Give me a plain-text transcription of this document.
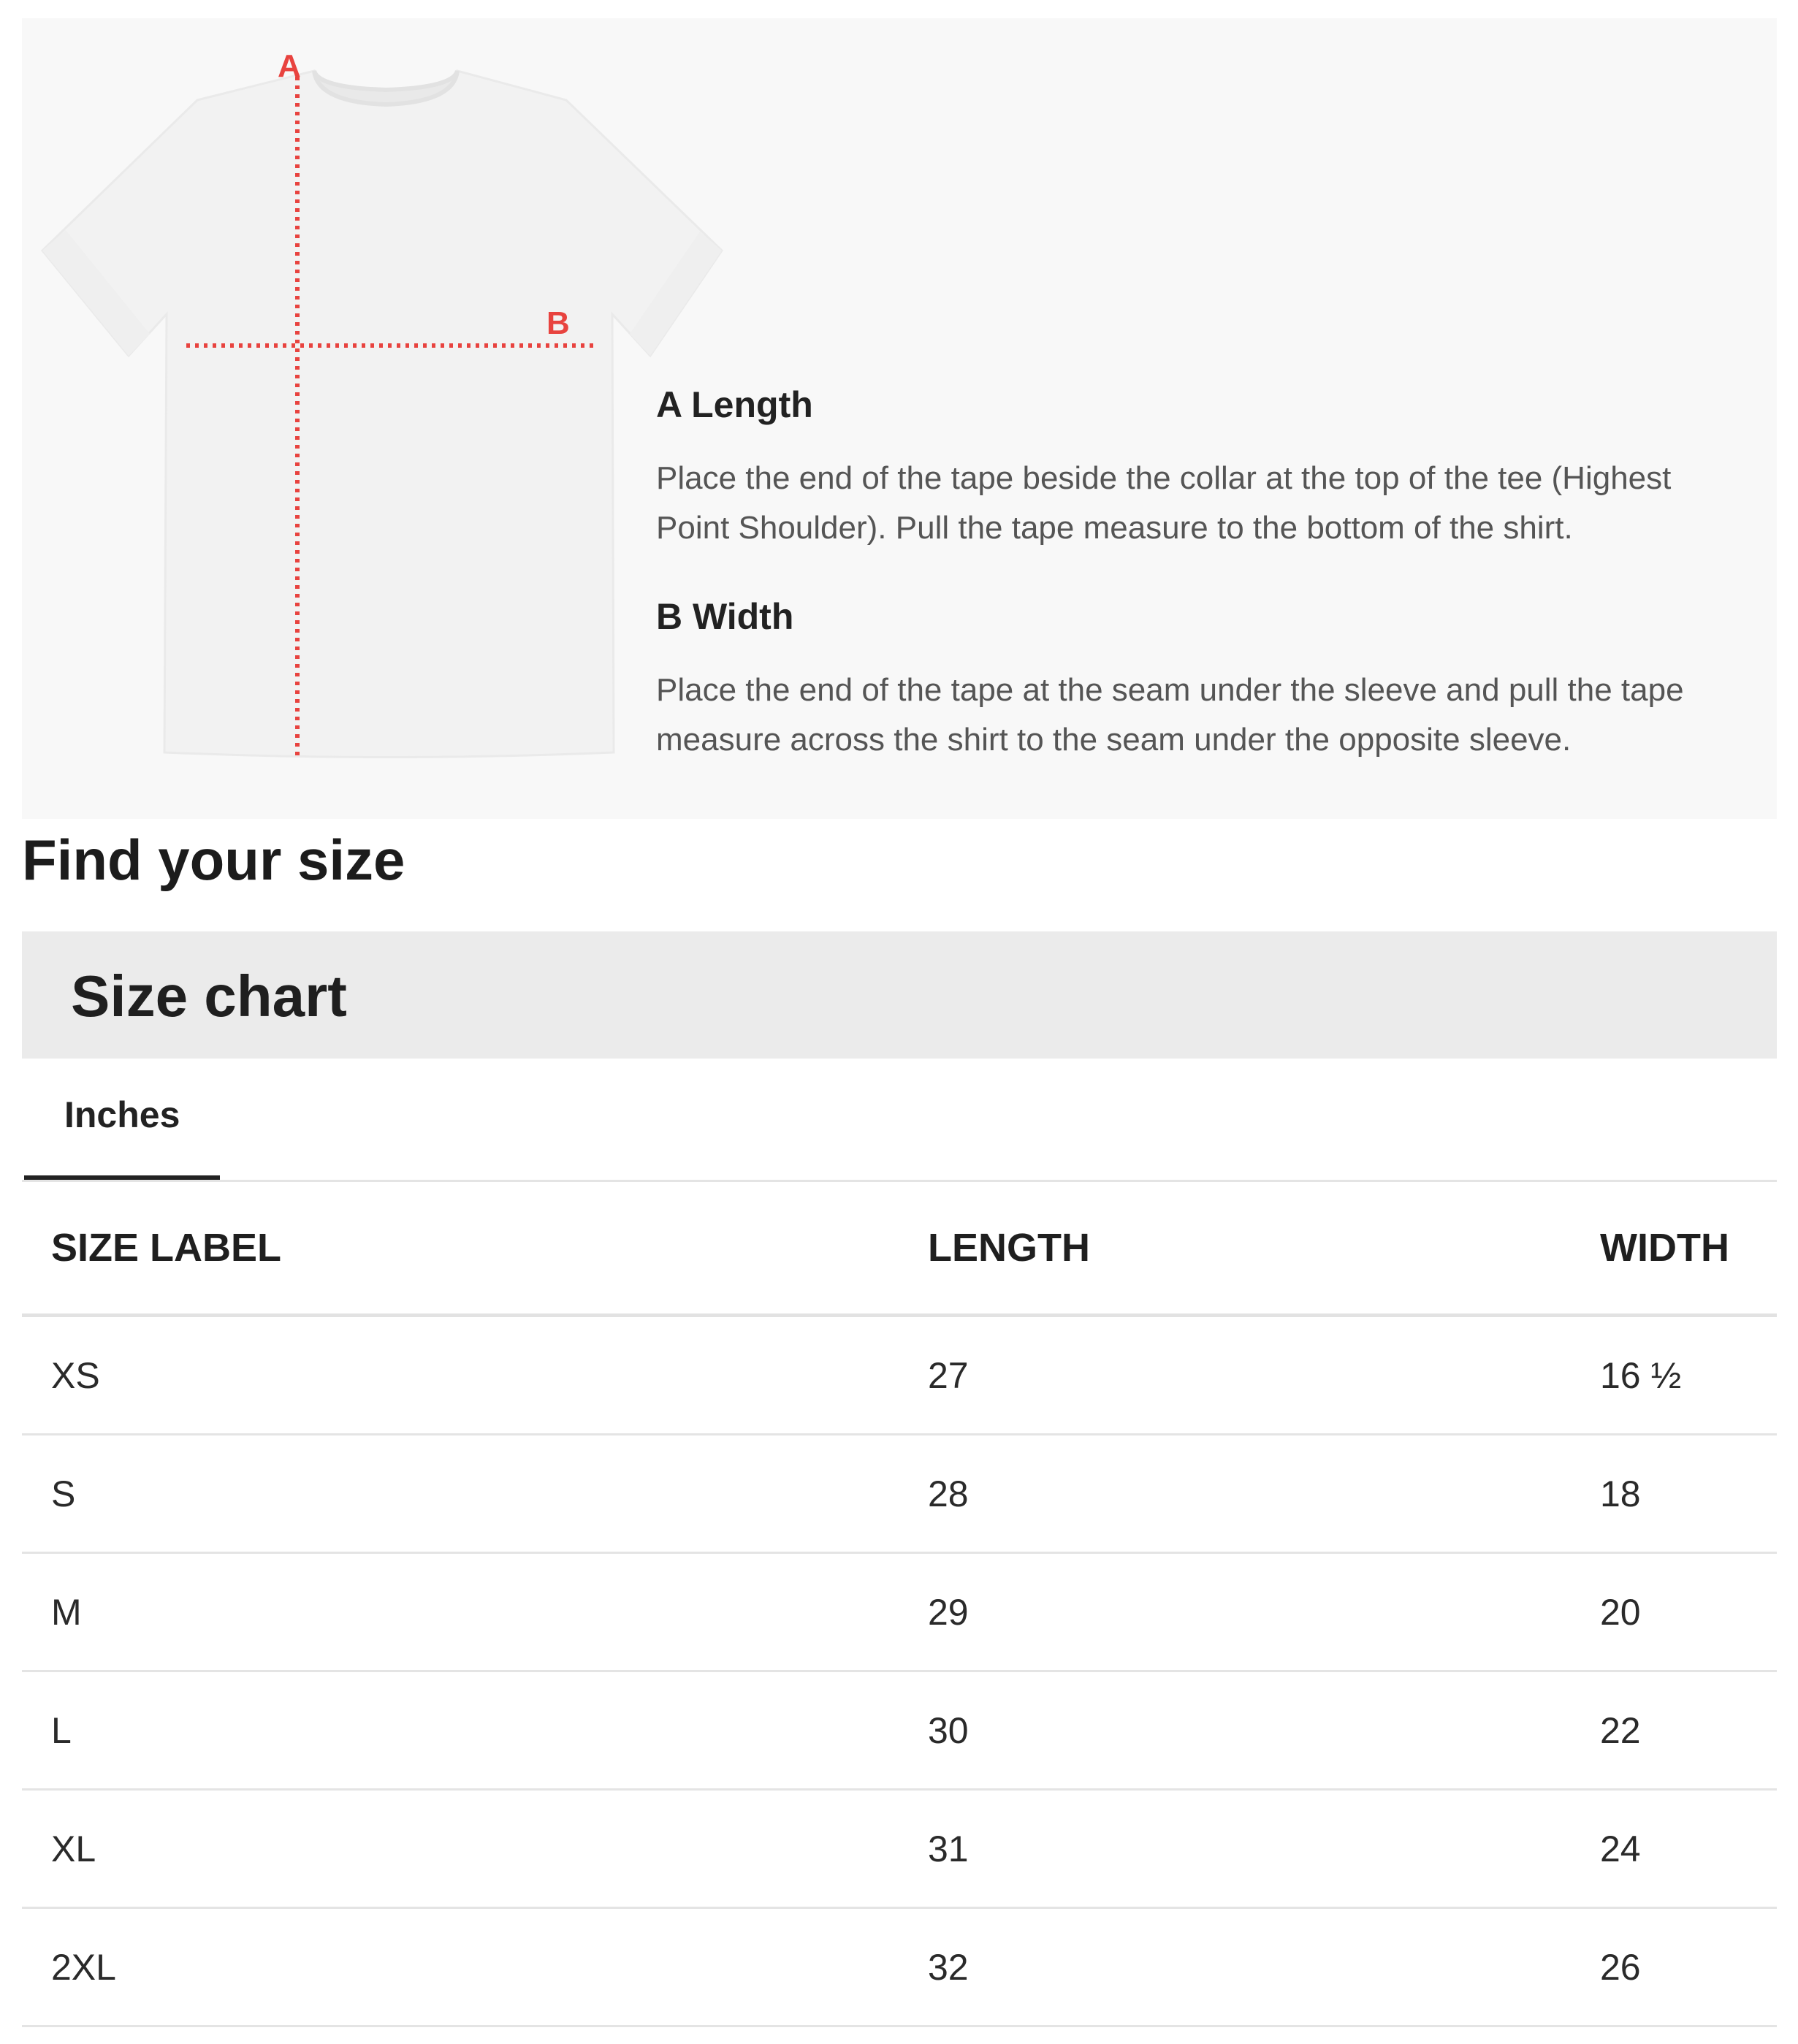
A
B
A Length

Place the end of the tape beside the collar at the top of the tee (Highest
Point Shoulder). Pull the tape measure to the bottom of the shirt.

B Width

Place the end of the tape at the seam under the sleeve and pull the tape
measure across the shirt to the seam under the opposite sleeve.

Find your size
Size chart
Inches
SIZE LABEL	LENGTH	WIDTH
XS	27	16 ½
S	28	18
M	29	20
L	30	22
XL	31	24
2XL	32	26
